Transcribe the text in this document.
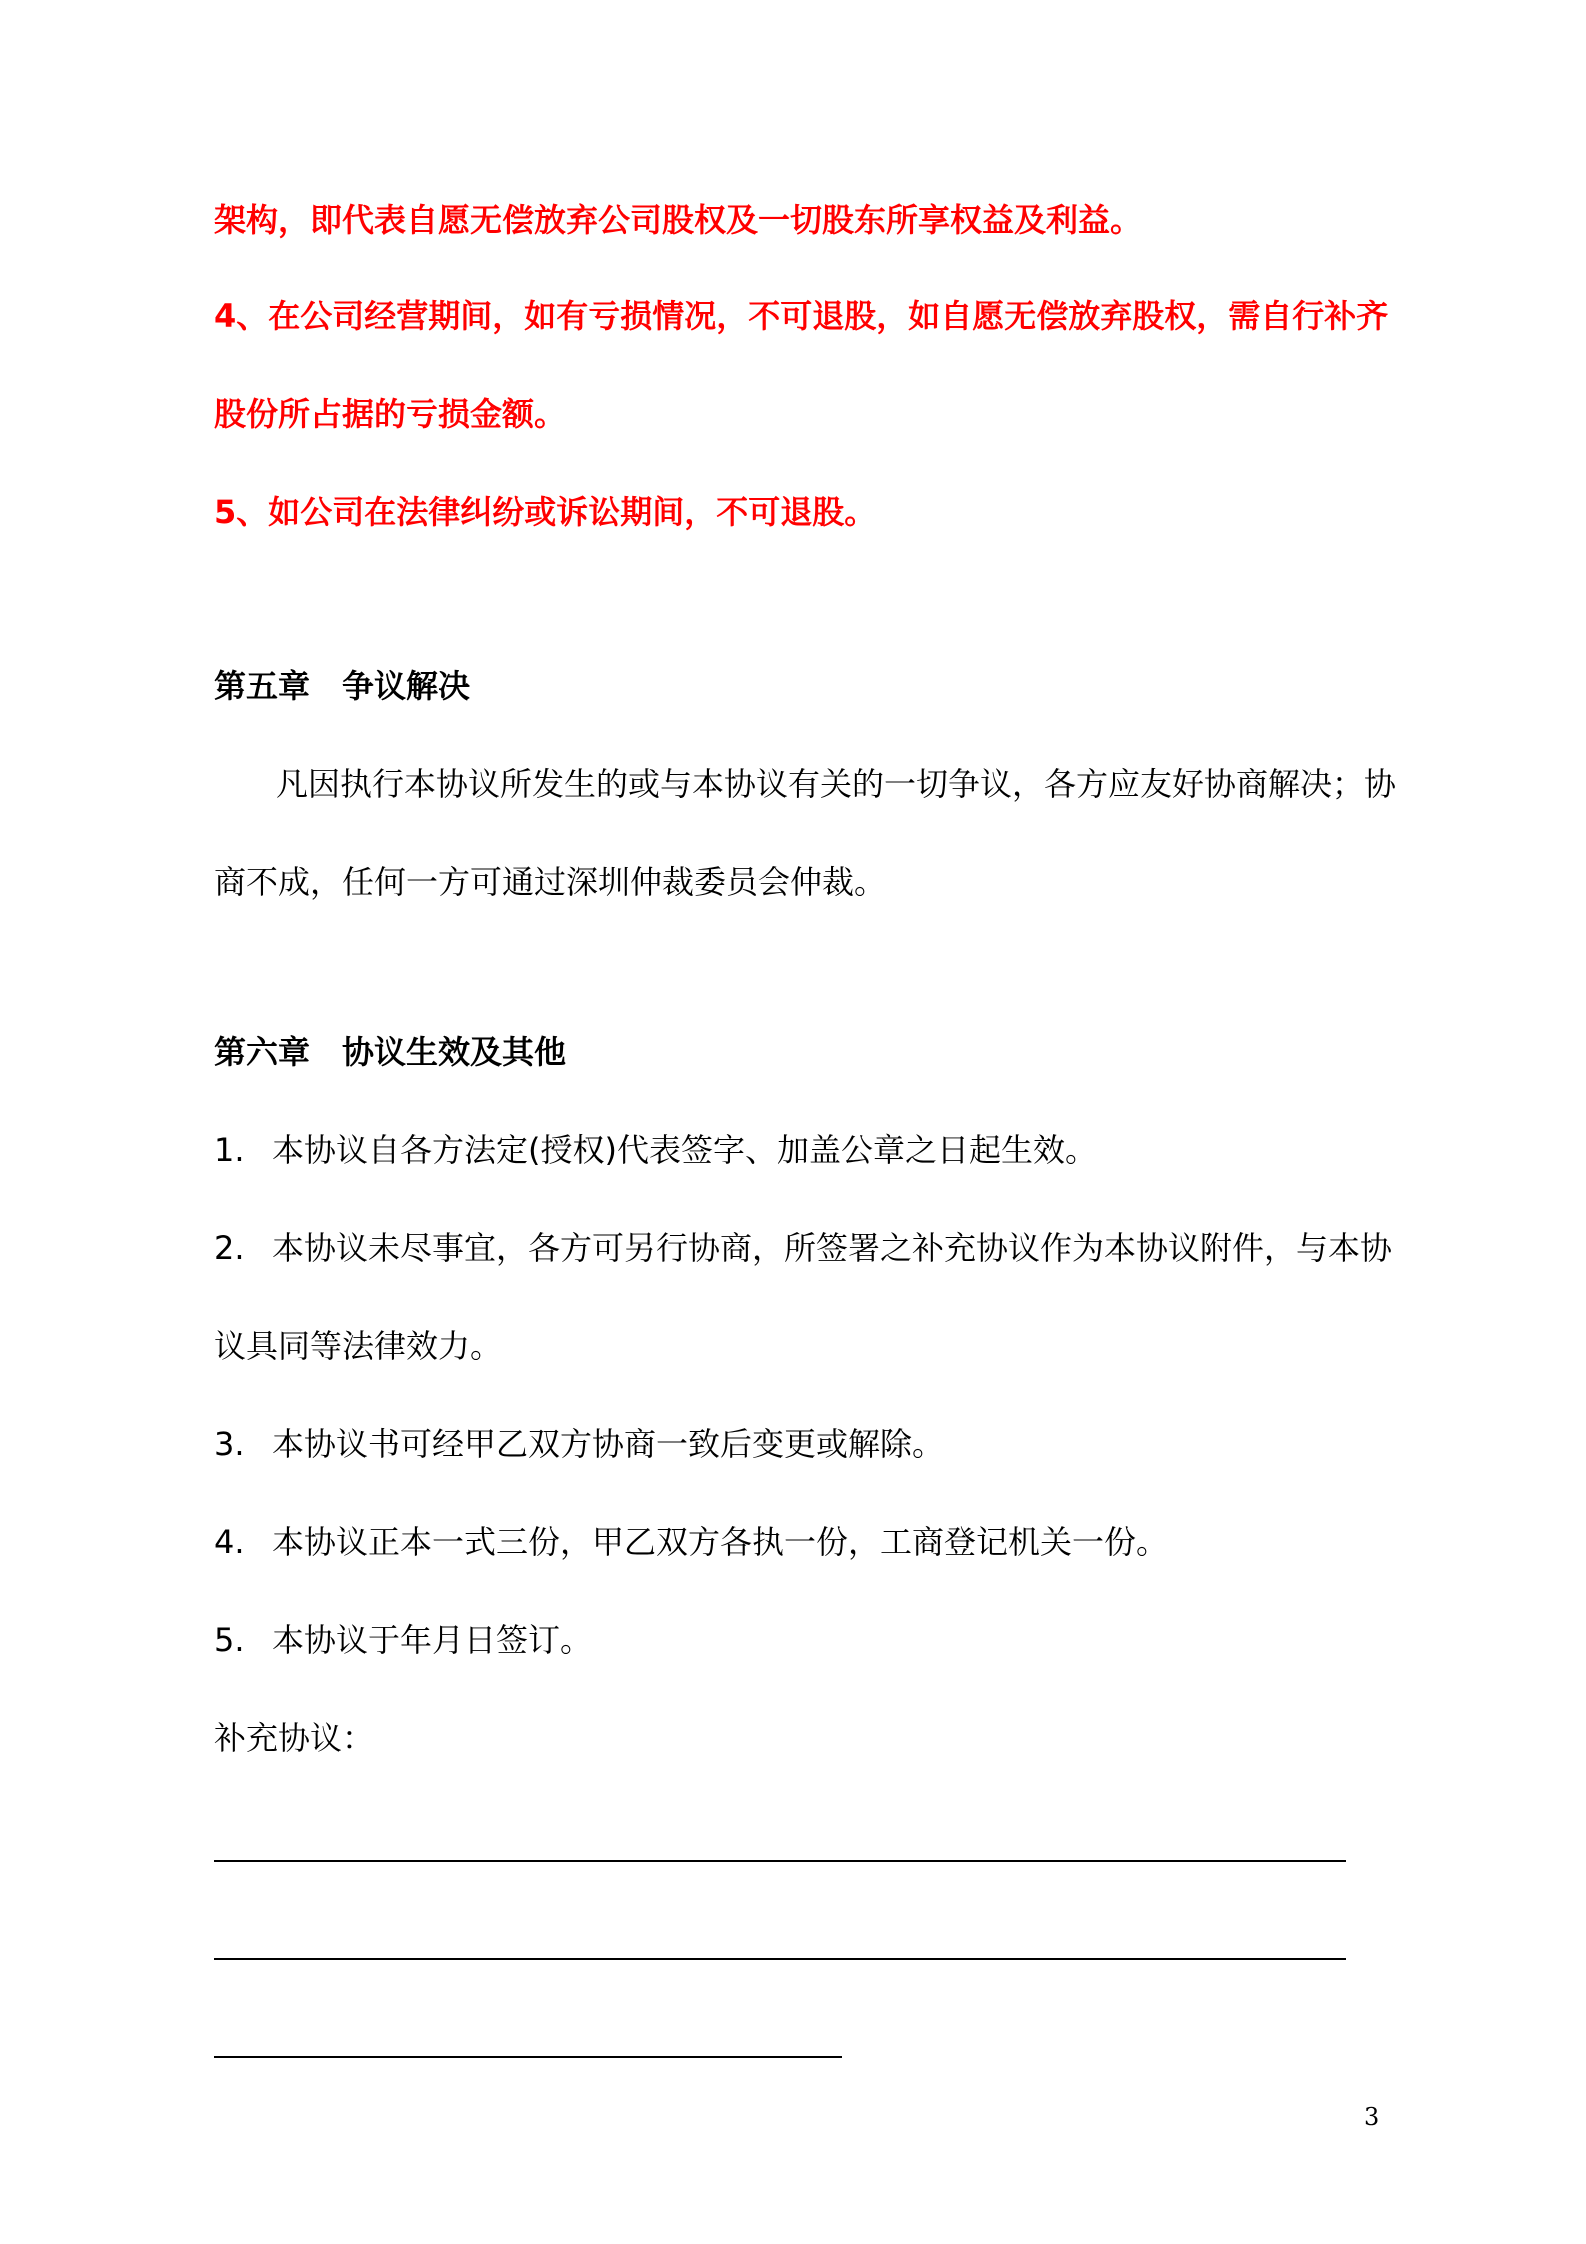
架构，即代表自愿无偿放弃公司股权及一切股东所享权益及利益。
4、在公司经营期间，如有亏损情况，不可退股，如自愿无偿放弃股权，需自行补齐
股份所占据的亏损金额。
5、如公司在法律纠纷或诉讼期间，不可退股。
第五章 争议解决
凡因执行本协议所发生的或与本协议有关的一切争议，各方应友好协商解决；协
商不成，任何一方可通过深圳仲裁委员会仲裁。
第六章 协议生效及其他
1. 本协议自各方法定(授权)代表签字、加盖公章之日起生效。
2. 本协议未尽事宜，各方可另行协商，所签署之补充协议作为本协议附件，与本协
议具同等法律效力。
3. 本协议书可经甲乙双方协商一致后变更或解除。
4. 本协议正本一式三份，甲乙双方各执一份，工商登记机关一份。
5. 本协议于年月日签订。
补充协议：
3
